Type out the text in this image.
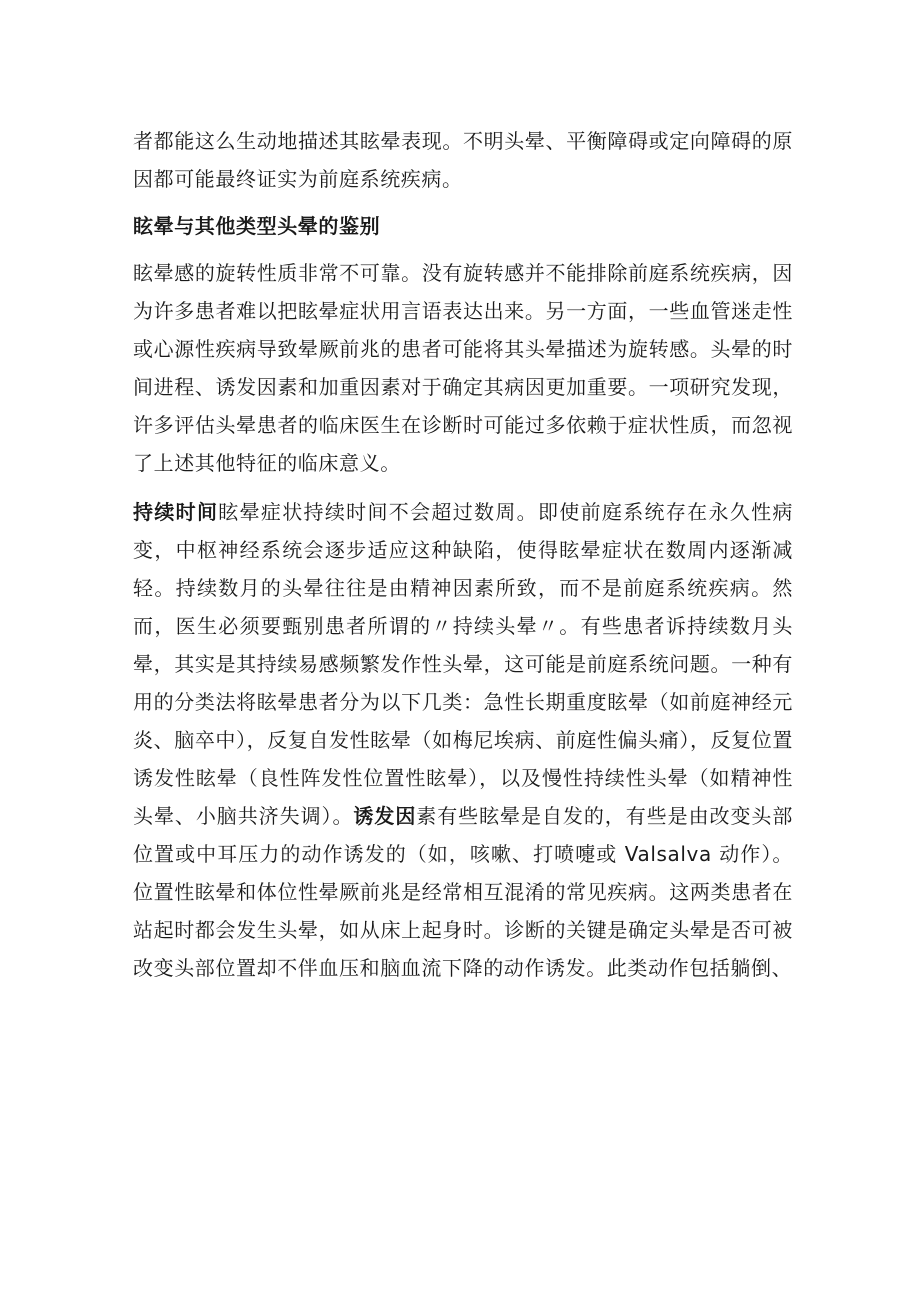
者都能这么生动地描述其眩晕表现。不明头晕、平衡障碍或定向障碍的原因都可能最终证实为前庭系统疾病。

眩晕与其他类型头晕的鉴别

眩晕感的旋转性质非常不可靠。没有旋转感并不能排除前庭系统疾病，因为许多患者难以把眩晕症状用言语表达出来。另一方面，一些血管迷走性或心源性疾病导致晕厥前兆的患者可能将其头晕描述为旋转感。头晕的时间进程、诱发因素和加重因素对于确定其病因更加重要。一项研究发现，许多评估头晕患者的临床医生在诊断时可能过多依赖于症状性质，而忽视了上述其他特征的临床意义。

持续时间眩晕症状持续时间不会超过数周。即使前庭系统存在永久性病变，中枢神经系统会逐步适应这种缺陷，使得眩晕症状在数周内逐渐减轻。持续数月的头晕往往是由精神因素所致，而不是前庭系统疾病。然而，医生必须要甄别患者所谓的〃持续头晕〃。有些患者诉持续数月头晕，其实是其持续易感频繁发作性头晕，这可能是前庭系统问题。一种有用的分类法将眩晕患者分为以下几类：急性长期重度眩晕（如前庭神经元炎、脑卒中），反复自发性眩晕（如梅尼埃病、前庭性偏头痛），反复位置诱发性眩晕（良性阵发性位置性眩晕），以及慢性持续性头晕（如精神性头晕、小脑共济失调）。诱发因素有些眩晕是自发的，有些是由改变头部位置或中耳压力的动作诱发的（如，咳嗽、打喷嚏或 Valsalva 动作）。位置性眩晕和体位性晕厥前兆是经常相互混淆的常见疾病。这两类患者在站起时都会发生头晕，如从床上起身时。诊断的关键是确定头晕是否可被改变头部位置却不伴血压和脑血流下降的动作诱发。此类动作包括躺倒、
